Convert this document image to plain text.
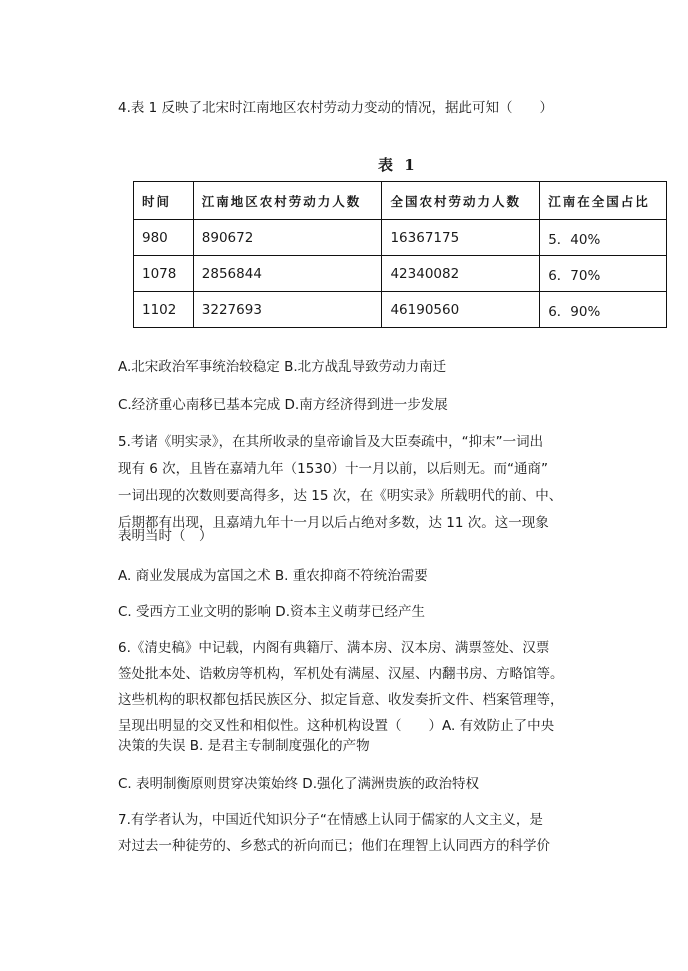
4.表 1 反映了北宋时江南地区农村劳动力变动的情况，据此可知（　　）
表 1
时间	江南地区农村劳动力人数	全国农村劳动力人数	江南在全国占比
980	890672	16367175	5．40%
1078	2856844	42340082	6．70%
1102	3227693	46190560	6．90%
A.北宋政治军事统治较稳定 B.北方战乱导致劳动力南迁
C.经济重心南移已基本完成 D.南方经济得到进一步发展
5.考诸《明实录》，在其所收录的皇帝谕旨及大臣奏疏中，“抑末”一词出
现有 6 次，且皆在嘉靖九年（1530）十一月以前，以后则无。而“通商”
一词出现的次数则要高得多，达 15 次，在《明实录》所载明代的前、中、
后期都有出现，且嘉靖九年十一月以后占绝对多数，达 11 次。这一现象
表明当时（　）
A. 商业发展成为富国之术 B. 重农抑商不符统治需要
C. 受西方工业文明的影响 D.资本主义萌芽已经产生
6.《清史稿》中记载，内阁有典籍厅、满本房、汉本房、满票签处、汉票
签处批本处、诰敕房等机构，军机处有满屋、汉屋、内翻书房、方略馆等。
这些机构的职权都包括民族区分、拟定旨意、收发奏折文件、档案管理等，
呈现出明显的交叉性和相似性。这种机构设置（　　）A. 有效防止了中央
决策的失误 B. 是君主专制制度强化的产物
C. 表明制衡原则贯穿决策始终 D.强化了满洲贵族的政治特权
7.有学者认为，中国近代知识分子“在情感上认同于儒家的人文主义，是
对过去一种徒劳的、乡愁式的祈向而已；他们在理智上认同西方的科学价
